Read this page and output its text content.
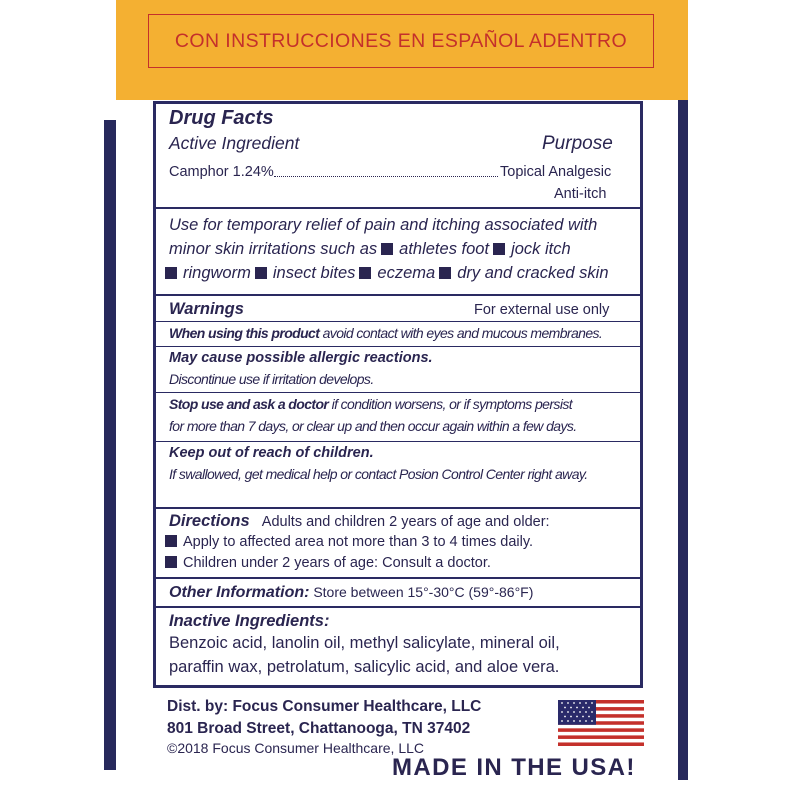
CON INSTRUCCIONES EN ESPAÑOL ADENTRO
Drug Facts
Active Ingredient	Purpose
Camphor 1.24%	Topical Analgesic
Anti-itch
Use for temporary relief of pain and itching associated with
minor skin irritations such as athletes foot jock itch
ringworm insect bites eczema dry and cracked skin
Warnings	For external use only
When using this product avoid contact with eyes and mucous membranes.
May cause possible allergic reactions.
Discontinue use if irritation develops.
Stop use and ask a doctor if condition worsens, or if symptoms persist
for more than 7 days, or clear up and then occur again within a few days.
Keep out of reach of children.
If swallowed, get medical help or contact Posion Control Center right away.
Directions Adults and children 2 years of age and older:
Apply to affected area not more than 3 to 4 times daily.
Children under 2 years of age: Consult a doctor.
Other Information: Store between 15°-30°C (59°-86°F)
Inactive Ingredients:
Benzoic acid, lanolin oil, methyl salicylate, mineral oil,
paraffin wax, petrolatum, salicylic acid, and aloe vera.
Dist. by: Focus Consumer Healthcare, LLC
801 Broad Street, Chattanooga, TN 37402
©2018 Focus Consumer Healthcare, LLC
MADE IN THE USA!
